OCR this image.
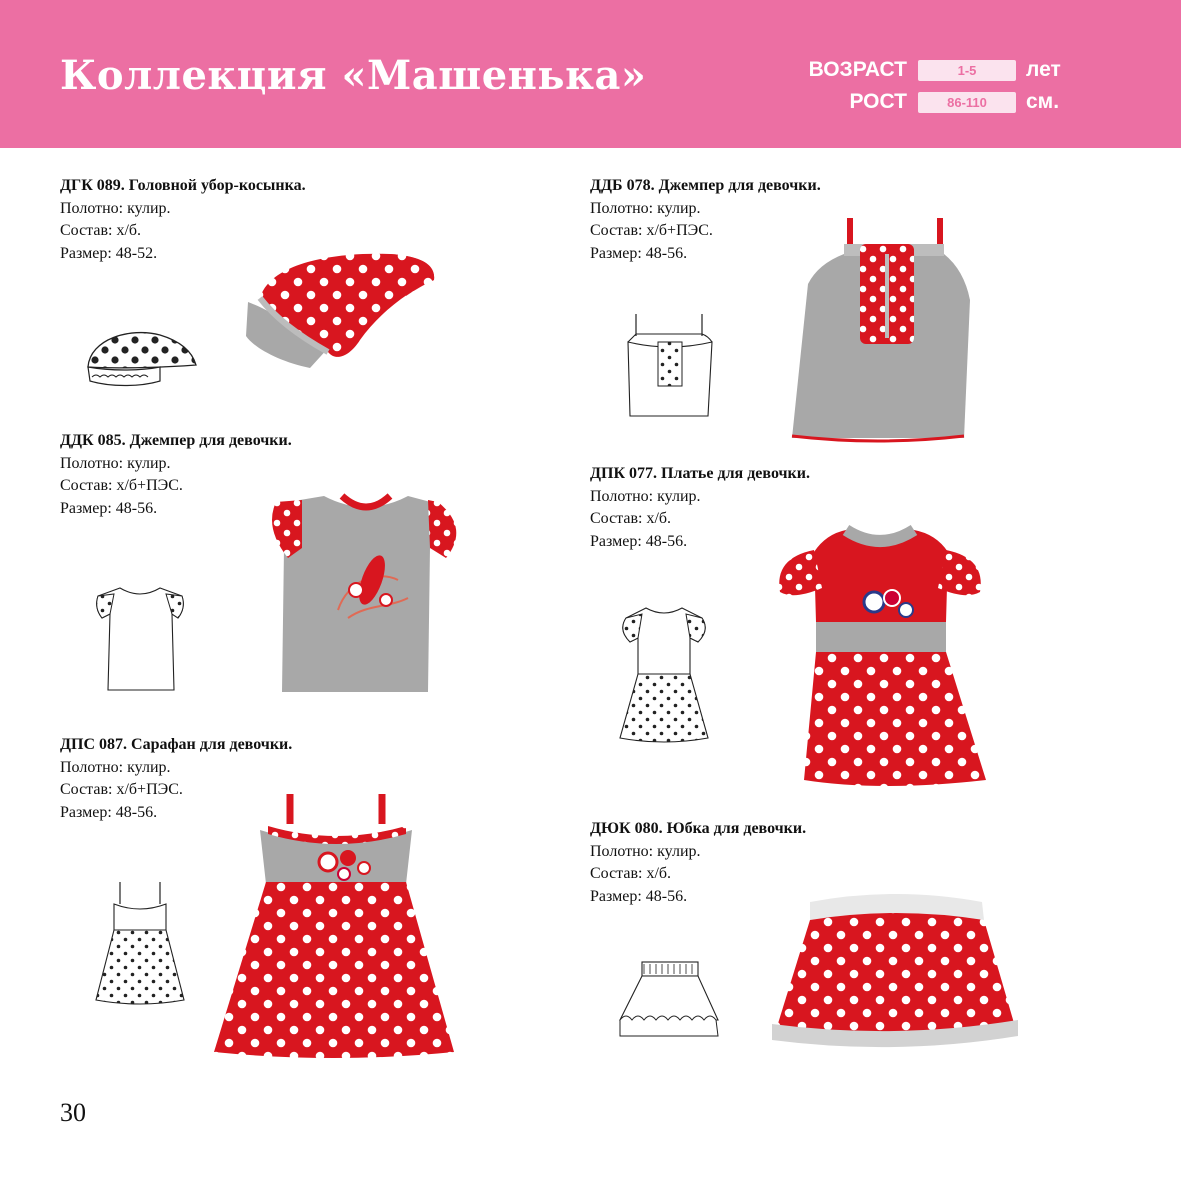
Коллекция «Машенька»	ВОЗРАСТ	1-5	лет
РОСТ	86-110	см.
ДГК 089. Головной убор-косынка.
Полотно: кулир.
Состав: х/б.
Размер: 48-52.
ДДК 085. Джемпер для девочки.
Полотно: кулир.
Состав: х/б+ПЭС.
Размер: 48-56.
ДПС 087. Сарафан для девочки.
Полотно: кулир.
Состав: х/б+ПЭС.
Размер: 48-56.
ДДБ 078. Джемпер для девочки.
Полотно: кулир.
Состав: х/б+ПЭС.
Размер: 48-56.
ДПК 077. Платье для девочки.
Полотно: кулир.
Состав: х/б.
Размер: 48-56.
ДЮК 080. Юбка для девочки.
Полотно: кулир.
Состав: х/б.
Размер: 48-56.
30
